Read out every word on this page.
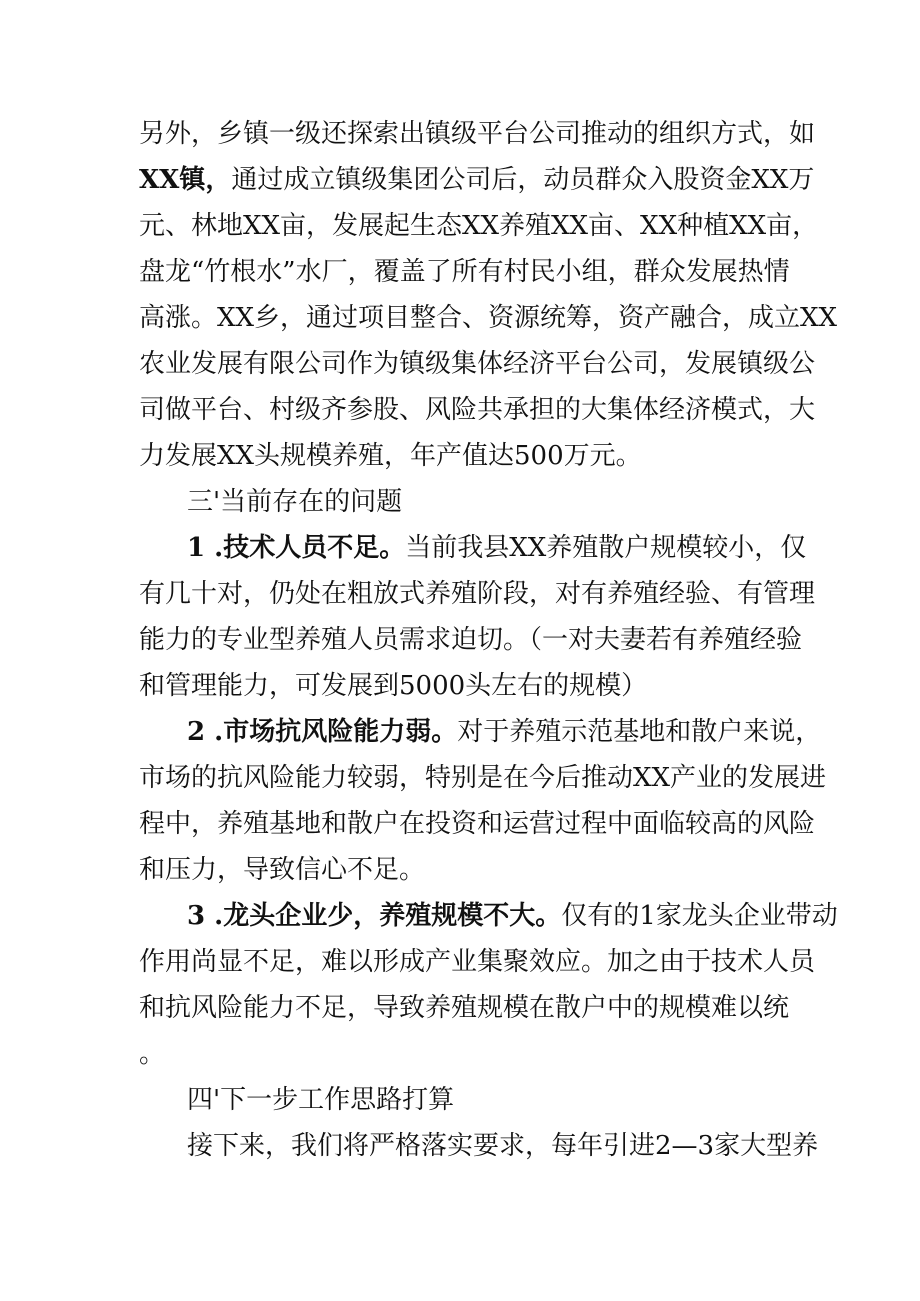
另外，乡镇一级还探索出镇级平台公司推动的组织方式，如
XX镇，通过成立镇级集团公司后，动员群众入股资金XX万
元、林地XX亩，发展起生态XX养殖XX亩、XX种植XX亩，
盘龙“竹根水”水厂，覆盖了所有村民小组，群众发展热情
高涨。XX乡，通过项目整合、资源统筹，资产融合，成立XX
农业发展有限公司作为镇级集体经济平台公司，发展镇级公
司做平台、村级齐参股、风险共承担的大集体经济模式，大
力发展XX头规模养殖，年产值达500万元。
三'当前存在的问题
1 .技术人员不足。当前我县XX养殖散户规模较小，仅
有几十对，仍处在粗放式养殖阶段，对有养殖经验、有管理
能力的专业型养殖人员需求迫切。（一对夫妻若有养殖经验
和管理能力，可发展到5000头左右的规模）
2 .市场抗风险能力弱。对于养殖示范基地和散户来说，
市场的抗风险能力较弱，特别是在今后推动XX产业的发展进
程中，养殖基地和散户在投资和运营过程中面临较高的风险
和压力，导致信心不足。
3 .龙头企业少，养殖规模不大。仅有的1家龙头企业带动
作用尚显不足，难以形成产业集聚效应。加之由于技术人员
和抗风险能力不足，导致养殖规模在散户中的规模难以统
。
四'下一步工作思路打算
接下来，我们将严格落实要求，每年引进2—3家大型养
